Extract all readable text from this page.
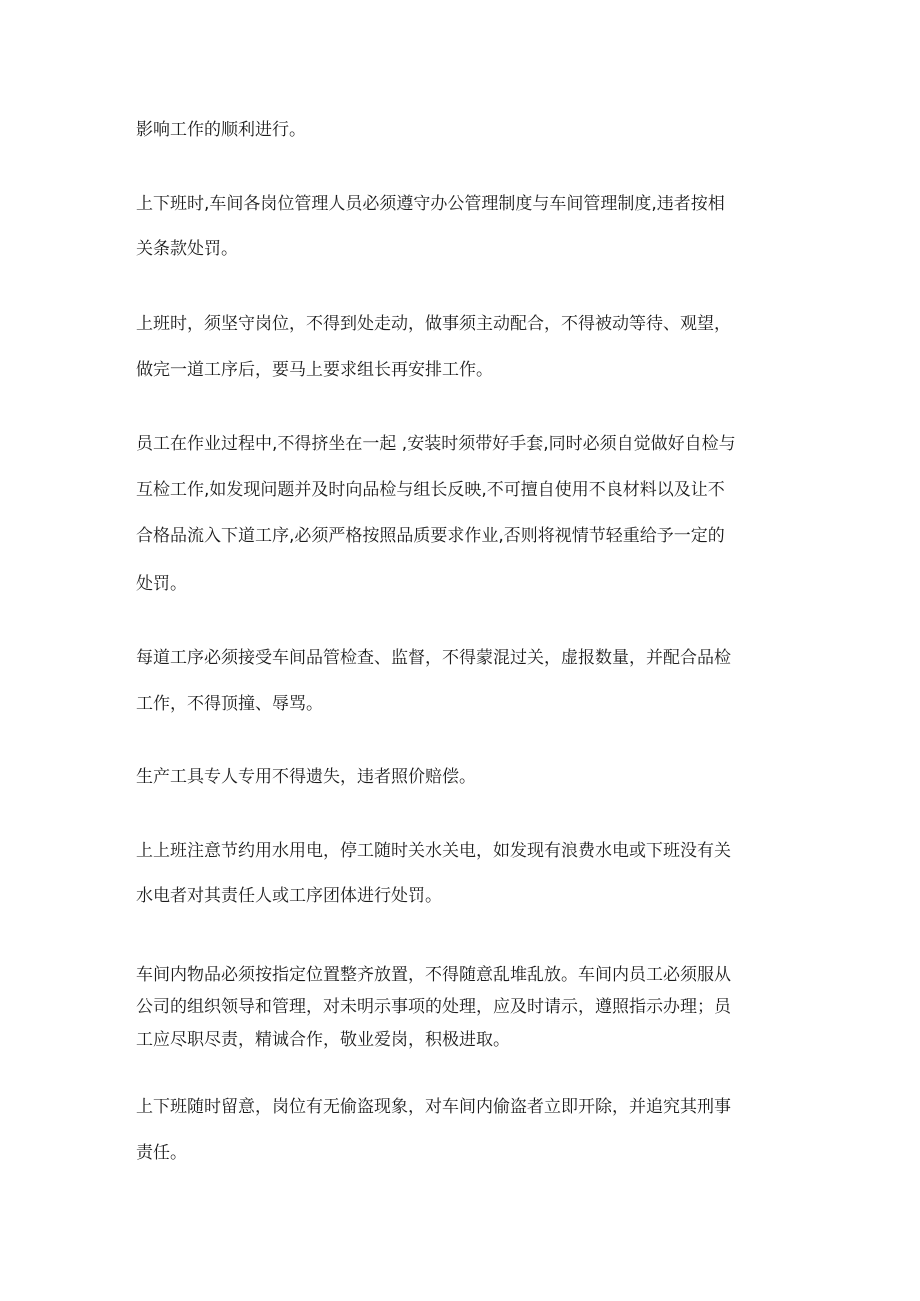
影响工作的顺利进行。

上下班时,车间各岗位管理人员必须遵守办公管理制度与车间管理制度,违者按相

关条款处罚。

上班时，须坚守岗位，不得到处走动，做事须主动配合，不得被动等待、观望，

做完一道工序后，要马上要求组长再安排工作。

员工在作业过程中,不得挤坐在一起 ,安装时须带好手套,同时必须自觉做好自检与

互检工作,如发现问题并及时向品检与组长反映,不可擅自使用不良材料以及让不

合格品流入下道工序,必须严格按照品质要求作业,否则将视情节轻重给予一定的

处罚。

每道工序必须接受车间品管检查、监督，不得蒙混过关，虚报数量，并配合品检

工作，不得顶撞、辱骂。

生产工具专人专用不得遗失，违者照价赔偿。

上上班注意节约用水用电，停工随时关水关电，如发现有浪费水电或下班没有关

水电者对其责任人或工序团体进行处罚。

车间内物品必须按指定位置整齐放置，不得随意乱堆乱放。车间内员工必须服从

公司的组织领导和管理，对未明示事项的处理，应及时请示，遵照指示办理；员

工应尽职尽责，精诚合作，敬业爱岗，积极进取。

上下班随时留意，岗位有无偷盗现象，对车间内偷盗者立即开除，并追究其刑事

责任。
